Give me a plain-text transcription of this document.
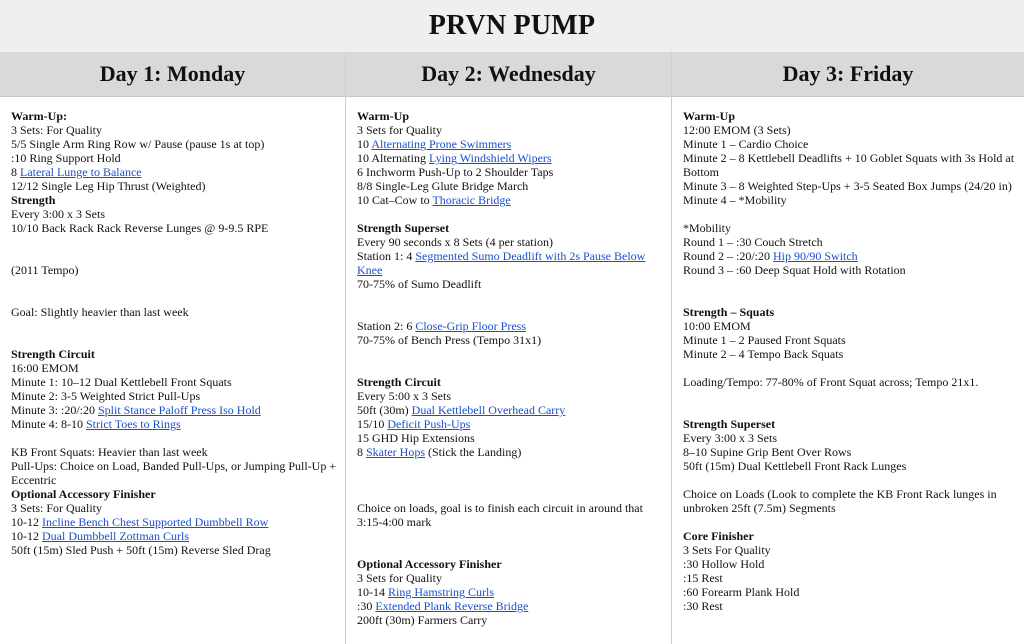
PRVN PUMP
Day 1: Monday
Warm-Up:
3 Sets: For Quality
5/5 Single Arm Ring Row w/ Pause (pause 1s at top)
:10 Ring Support Hold
8 Lateral Lunge to Balance
12/12 Single Leg Hip Thrust (Weighted)
Strength
Every 3:00 x 3 Sets
10/10 Back Rack Rack Reverse Lunges @ 9-9.5 RPE
(2011 Tempo)
Goal: Slightly heavier than last week
Strength Circuit
16:00 EMOM
Minute 1: 10–12 Dual Kettlebell Front Squats
Minute 2: 3-5 Weighted Strict Pull-Ups
Minute 3: :20/:20 Split Stance Paloff Press Iso Hold
Minute 4: 8-10 Strict Toes to Rings
KB Front Squats: Heavier than last week
Pull-Ups: Choice on Load, Banded Pull-Ups, or Jumping Pull-Up + Eccentric
Optional Accessory Finisher
3 Sets: For Quality
10-12 Incline Bench Chest Supported Dumbbell Row
10-12 Dual Dumbbell Zottman Curls
50ft (15m) Sled Push + 50ft (15m) Reverse Sled Drag
Day 2: Wednesday
Warm-Up
3 Sets for Quality
10 Alternating Prone Swimmers
10 Alternating Lying Windshield Wipers
6 Inchworm Push-Up to 2 Shoulder Taps
8/8 Single-Leg Glute Bridge March
10 Cat–Cow to Thoracic Bridge
Strength Superset
Every 90 seconds x 8 Sets (4 per station)
Station 1: 4 Segmented Sumo Deadlift with 2s Pause Below Knee
70-75% of Sumo Deadlift
Station 2: 6 Close-Grip Floor Press
70-75% of Bench Press (Tempo 31x1)
Strength Circuit
Every 5:00 x 3 Sets
50ft (30m) Dual Kettlebell Overhead Carry
15/10 Deficit Push-Ups
15 GHD Hip Extensions
8 Skater Hops (Stick the Landing)
Choice on loads, goal is to finish each circuit in around that 3:15-4:00 mark
Optional Accessory Finisher
3 Sets for Quality
10-14 Ring Hamstring Curls
:30 Extended Plank Reverse Bridge
200ft (30m) Farmers Carry
Day 3: Friday
Warm-Up
12:00 EMOM (3 Sets)
Minute 1 – Cardio Choice
Minute 2 – 8 Kettlebell Deadlifts + 10 Goblet Squats with 3s Hold at Bottom
Minute 3 – 8 Weighted Step-Ups + 3-5 Seated Box Jumps (24/20 in)
Minute 4 – *Mobility
*Mobility
Round 1 – :30 Couch Stretch
Round 2 – :20/:20 Hip 90/90 Switch
Round 3 – :60 Deep Squat Hold with Rotation
Strength – Squats
10:00 EMOM
Minute 1 – 2 Paused Front Squats
Minute 2 – 4 Tempo Back Squats
Loading/Tempo: 77-80% of Front Squat across; Tempo 21x1.
Strength Superset
Every 3:00 x 3 Sets
8–10 Supine Grip Bent Over Rows
50ft (15m) Dual Kettlebell Front Rack Lunges
Choice on Loads (Look to complete the KB Front Rack lunges in unbroken 25ft (7.5m) Segments
Core Finisher
3 Sets For Quality
:30 Hollow Hold
:15 Rest
:60 Forearm Plank Hold
:30 Rest
